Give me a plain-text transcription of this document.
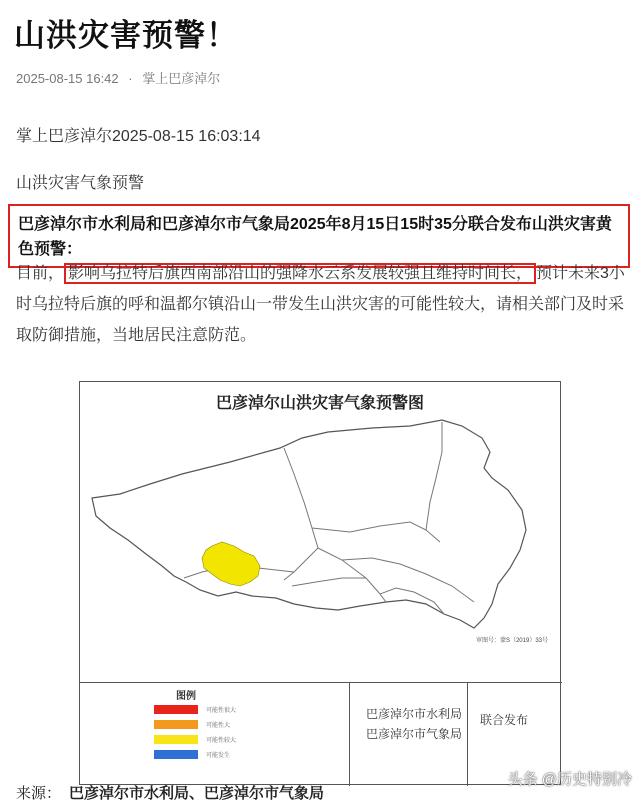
山洪灾害预警！
2025-08-15 16:42 · 掌上巴彦淖尔
掌上巴彦淖尔2025-08-15 16:03:14
山洪灾害气象预警
巴彦淖尔市水利局和巴彦淖尔市气象局2025年8月15日15时35分联合发布山洪灾害黄色预警：
目前， 影响乌拉特后旗西南部沿山的强降水云系发展较强且维持时间长， 预计未来3小时乌拉特后旗的呼和温都尔镇沿山一带发生山洪灾害的可能性较大，请相关部门及时采取防御措施，当地居民注意防范。
巴彦淖尔山洪灾害气象预警图
审图号：蒙S（2019）33号
图例
可能性很大
可能性大
可能性较大
可能发生
巴彦淖尔市水利局
巴彦淖尔市气象局
联合发布
来源： 巴彦淖尔市水利局、巴彦淖尔市气象局
头条 @历史特别冷
